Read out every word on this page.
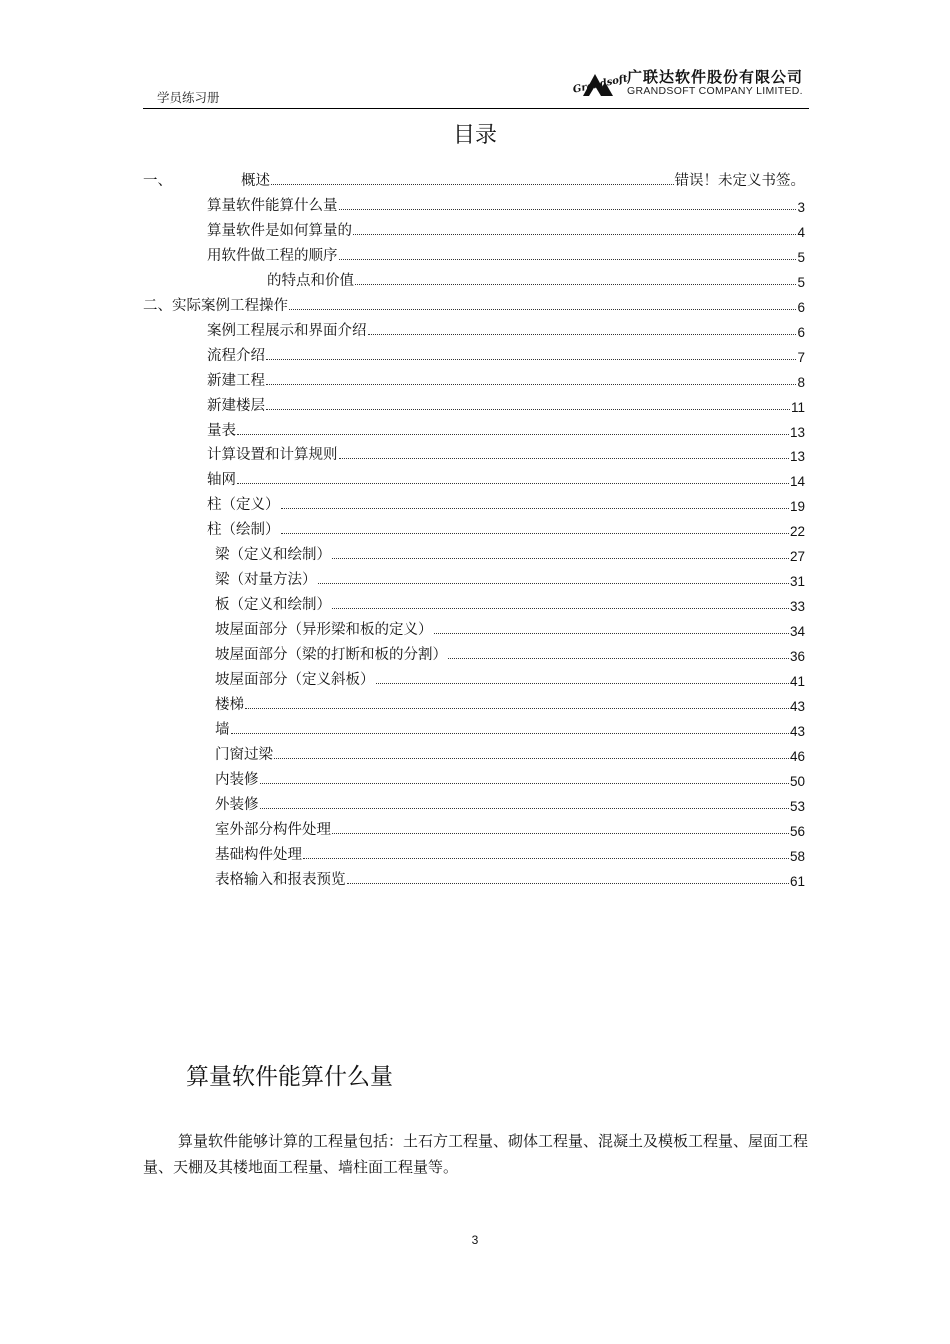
学员练习册
Grandsoft
广联达软件股份有限公司
GRANDSOFT COMPANY LIMITED.
目录
一、	概述	错误！未定义书签。
算量软件能算什么量	3
算量软件是如何算量的	4
用软件做工程的顺序	5
的特点和价值	5
二、实际案例工程操作	6
案例工程展示和界面介绍	6
流程介绍	7
新建工程	8
新建楼层	11
量表	13
计算设置和计算规则	13
轴网	14
柱（定义）	19
柱（绘制）	22
梁（定义和绘制）	27
梁（对量方法）	31
板（定义和绘制）	33
坡屋面部分（异形梁和板的定义）	34
坡屋面部分（梁的打断和板的分割）	36
坡屋面部分（定义斜板）	41
楼梯	43
墙	43
门窗过梁	46
内装修	50
外装修	53
室外部分构件处理	56
基础构件处理	58
表格输入和报表预览	61
算量软件能算什么量
算量软件能够计算的工程量包括：土石方工程量、砌体工程量、混凝土及模板工程量、屋面工程量、天棚及其楼地面工程量、墙柱面工程量等。
3
